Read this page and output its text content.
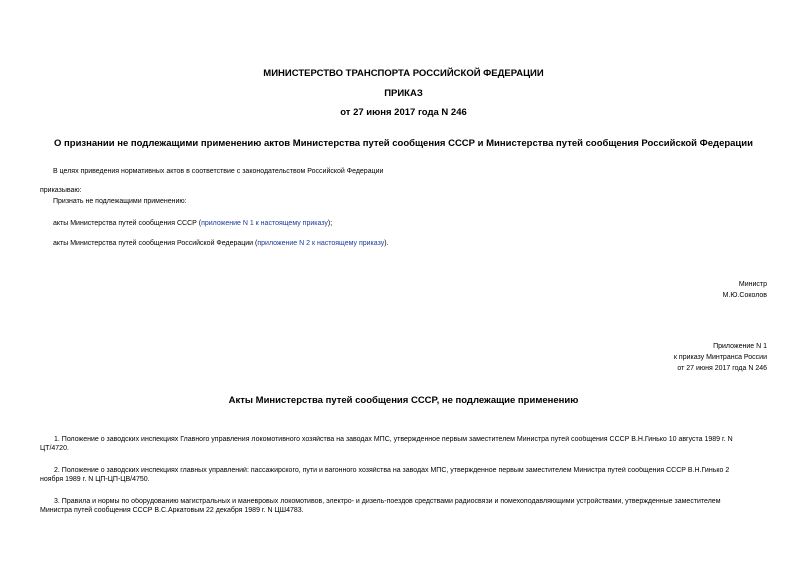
МИНИСТЕРСТВО ТРАНСПОРТА РОССИЙСКОЙ ФЕДЕРАЦИИ
ПРИКАЗ
от 27 июня 2017 года N 246
О признании не подлежащими применению актов Министерства путей сообщения СССР и Министерства путей сообщения Российской Федерации
В целях приведения нормативных актов в соответствие с законодательством Российской Федерации
приказываю:
Признать не подлежащими применению:
акты Министерства путей сообщения СССР (приложение N 1 к настоящему приказу);
акты Министерства путей сообщения Российской Федерации (приложение N 2 к настоящему приказу).
Министр
М.Ю.Соколов
Приложение N 1
к приказу Минтранса России
от 27 июня 2017 года N 246
Акты Министерства путей сообщения СССР, не подлежащие применению
1. Положение о заводских инспекциях Главного управления локомотивного хозяйства на заводах МПС, утвержденное первым заместителем Министра путей сообщения СССР В.Н.Гинько 10 августа 1989 г. N
ЦТ/4720.
2. Положение о заводских инспекциях главных управлений: пассажирского, пути и вагонного хозяйства на заводах МПС, утвержденное первым заместителем Министра путей сообщения СССР В.Н.Гинько 2
ноября 1989 г. N ЦП-ЦП-ЦВ/4750.
3. Правила и нормы по оборудованию магистральных и маневровых локомотивов, электро- и дизель-поездов средствами радиосвязи и помехоподавляющими устройствами, утвержденные заместителем
Министра путей сообщения СССР В.С.Аркатовым 22 декабря 1989 г. N ЦШ4783.
